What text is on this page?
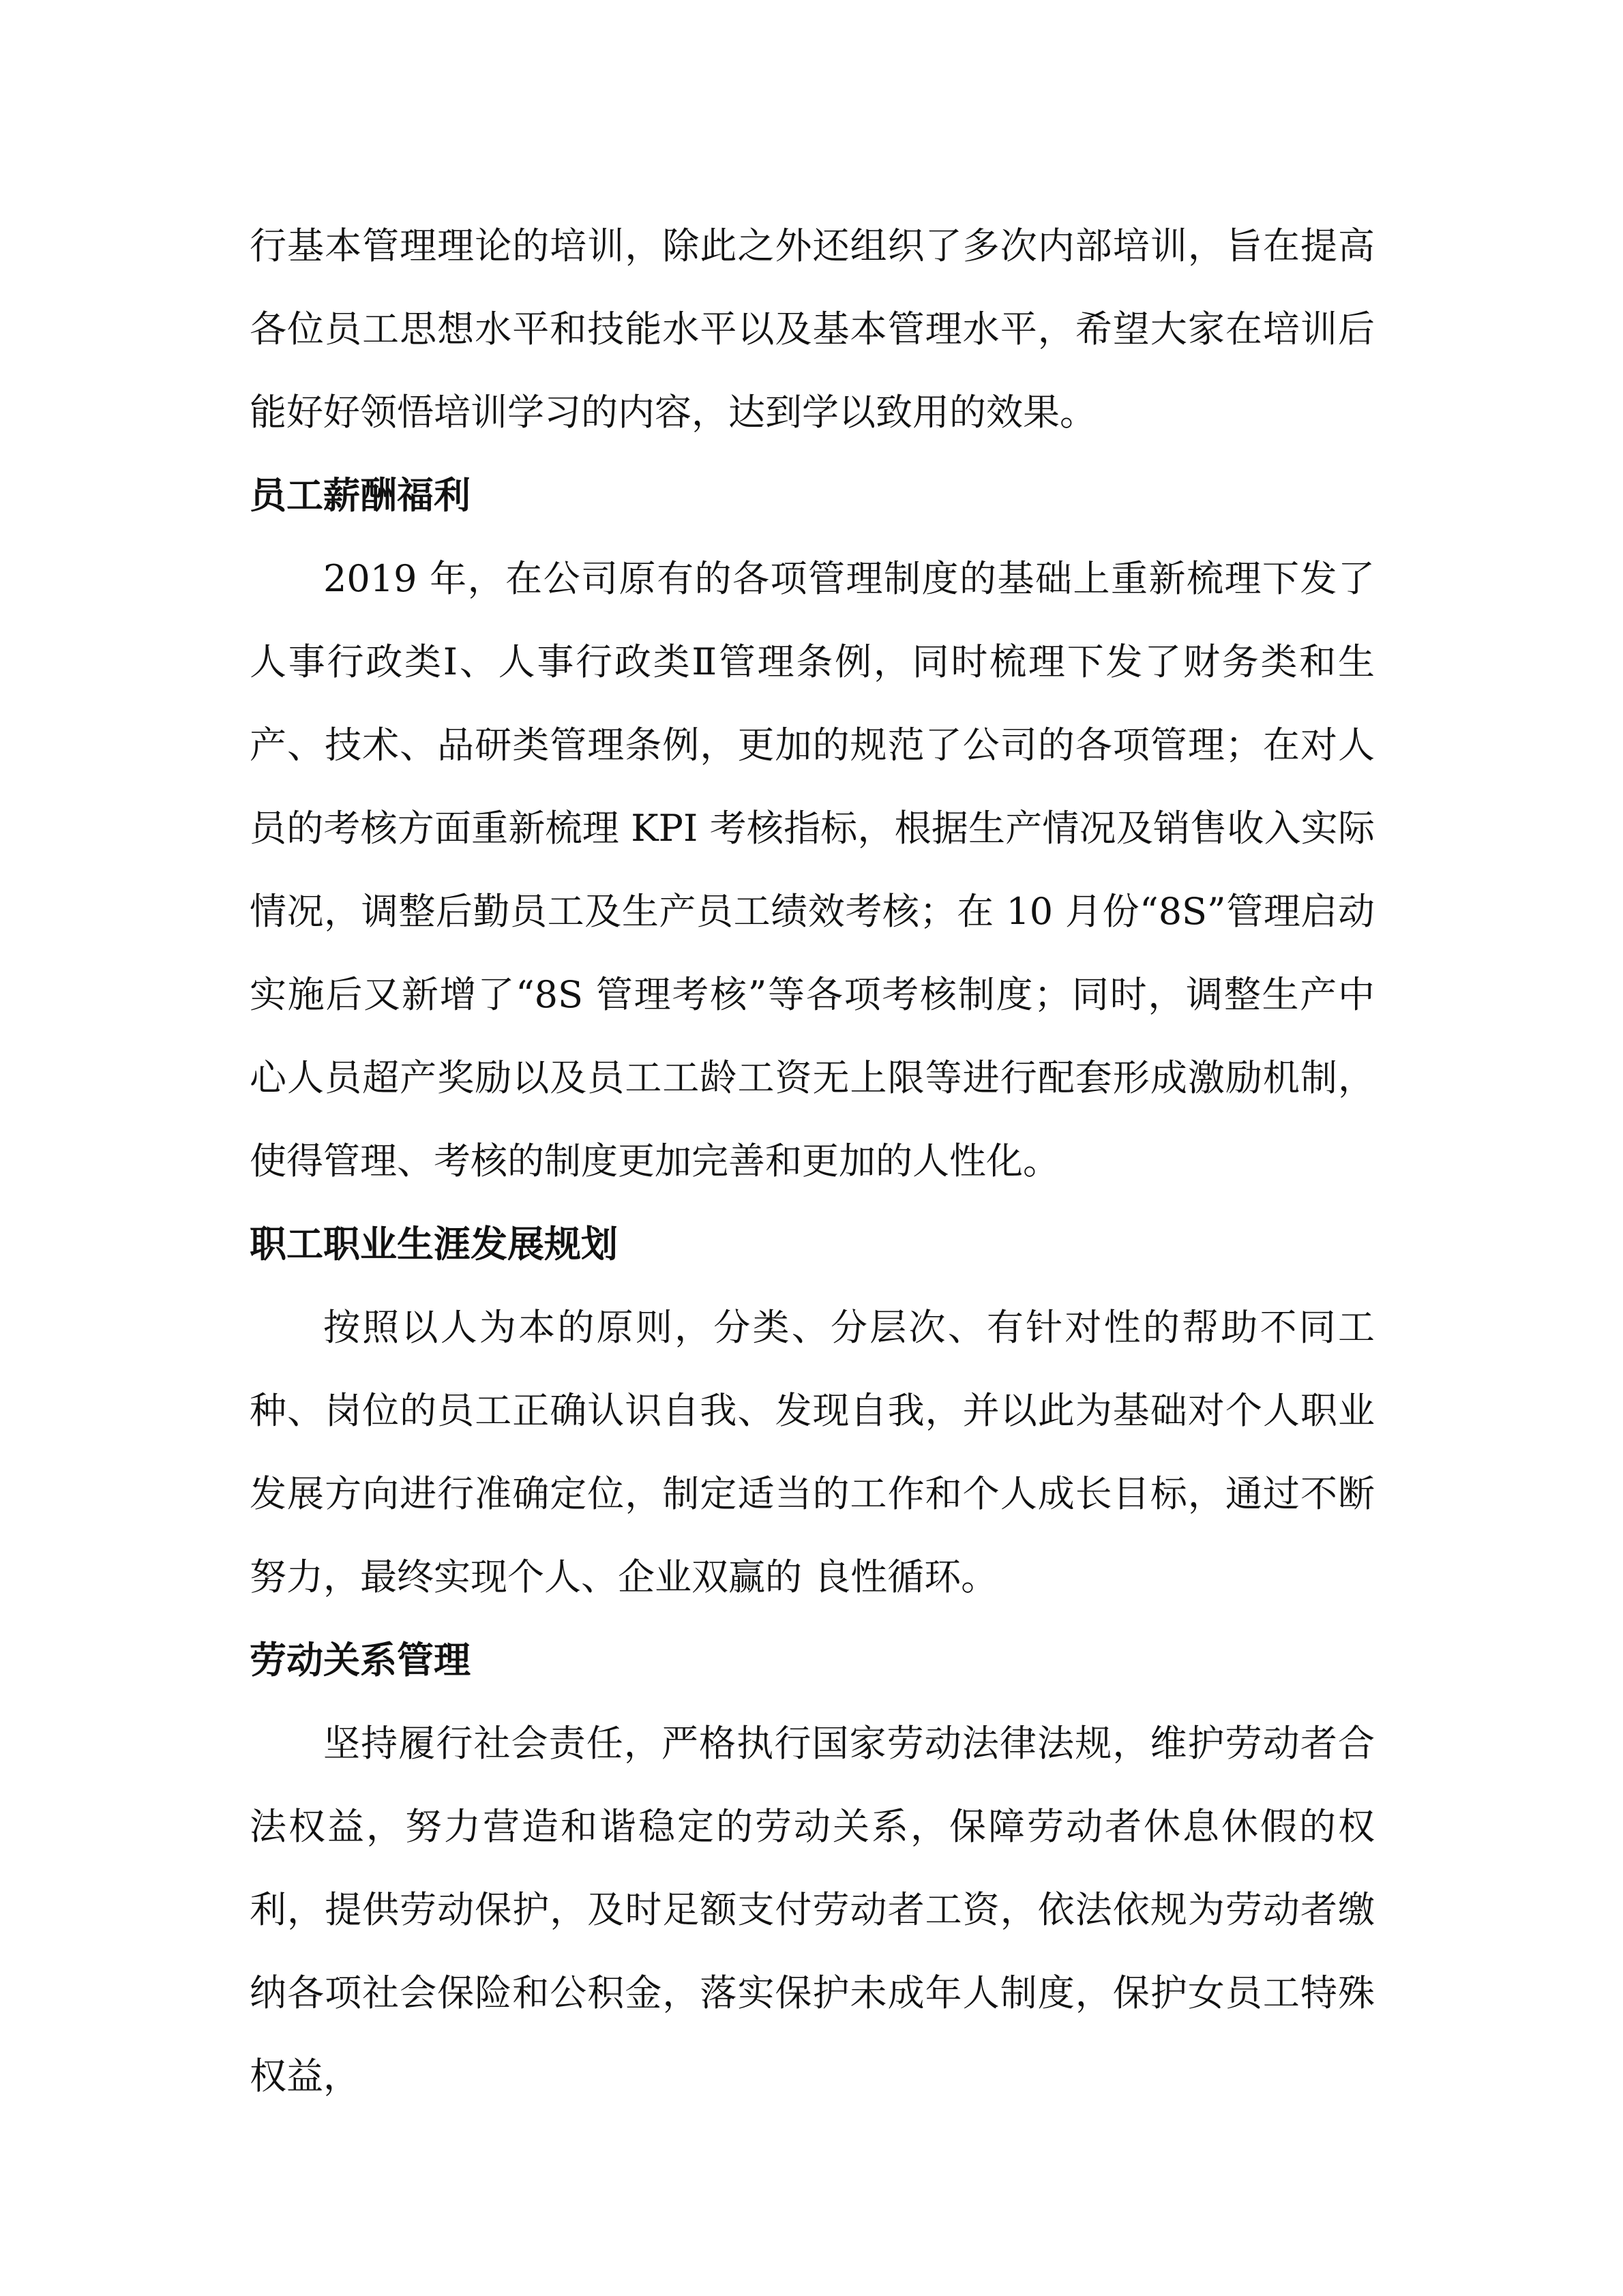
行基本管理理论的培训，除此之外还组织了多次内部培训，旨在提高各位员工思想水平和技能水平以及基本管理水平，希望大家在培训后能好好领悟培训学习的内容，达到学以致用的效果。

员工薪酬福利

2019 年，在公司原有的各项管理制度的基础上重新梳理下发了人事行政类Ⅰ、人事行政类Ⅱ管理条例，同时梳理下发了财务类和生产、技术、品研类管理条例，更加的规范了公司的各项管理；在对人员的考核方面重新梳理 KPI 考核指标，根据生产情况及销售收入实际情况，调整后勤员工及生产员工绩效考核；在 10 月份“8S”管理启动实施后又新增了“8S 管理考核”等各项考核制度；同时，调整生产中心人员超产奖励以及员工工龄工资无上限等进行配套形成激励机制，使得管理、考核的制度更加完善和更加的人性化。

职工职业生涯发展规划

按照以人为本的原则，分类、分层次、有针对性的帮助不同工种、岗位的员工正确认识自我、发现自我，并以此为基础对个人职业发展方向进行准确定位，制定适当的工作和个人成长目标，通过不断努力，最终实现个人、企业双赢的 良性循环。

劳动关系管理

坚持履行社会责任，严格执行国家劳动法律法规，维护劳动者合法权益，努力营造和谐稳定的劳动关系，保障劳动者休息休假的权利，提供劳动保护，及时足额支付劳动者工资，依法依规为劳动者缴纳各项社会保险和公积金，落实保护未成年人制度，保护女员工特殊权益，
